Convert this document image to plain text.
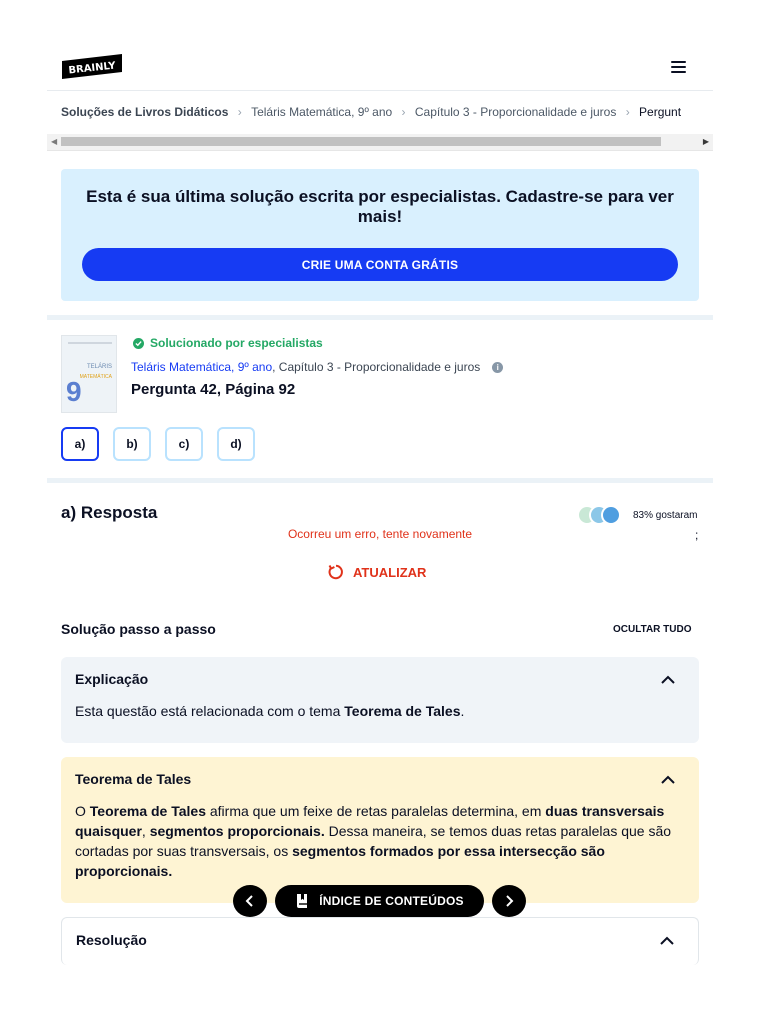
BRAINLY
Soluções de Livros Didáticos › Teláris Matemática, 9º ano › Capítulo 3 - Proporcionalidade e juros › Pergunt
◀	▶
Esta é sua última solução escrita por especialistas. Cadastre-se para ver mais!
CRIE UMA CONTA GRÁTIS
TELÁRIS
MATEMÁTICA
9
Solucionado por especialistas
Teláris Matemática, 9º ano , Capítulo 3 - Proporcionalidade e juros	i
Pergunta 42, Página 92
a)	b)	c)	d)
a) Resposta	83% gostaram
;
Ocorreu um erro, tente novamente
ATUALIZAR
Solução passo a passo	OCULTAR TUDO
Explicação
Esta questão está relacionada com o tema Teorema de Tales.
Teorema de Tales
O Teorema de Tales afirma que um feixe de retas paralelas determina, em duas transversais quaisquer, segmentos proporcionais. Dessa maneira, se temos duas retas paralelas que são cortadas por suas transversais, os segmentos formados por essa intersecção são proporcionais.
Resolução
ÍNDICE DE CONTEÚDOS
